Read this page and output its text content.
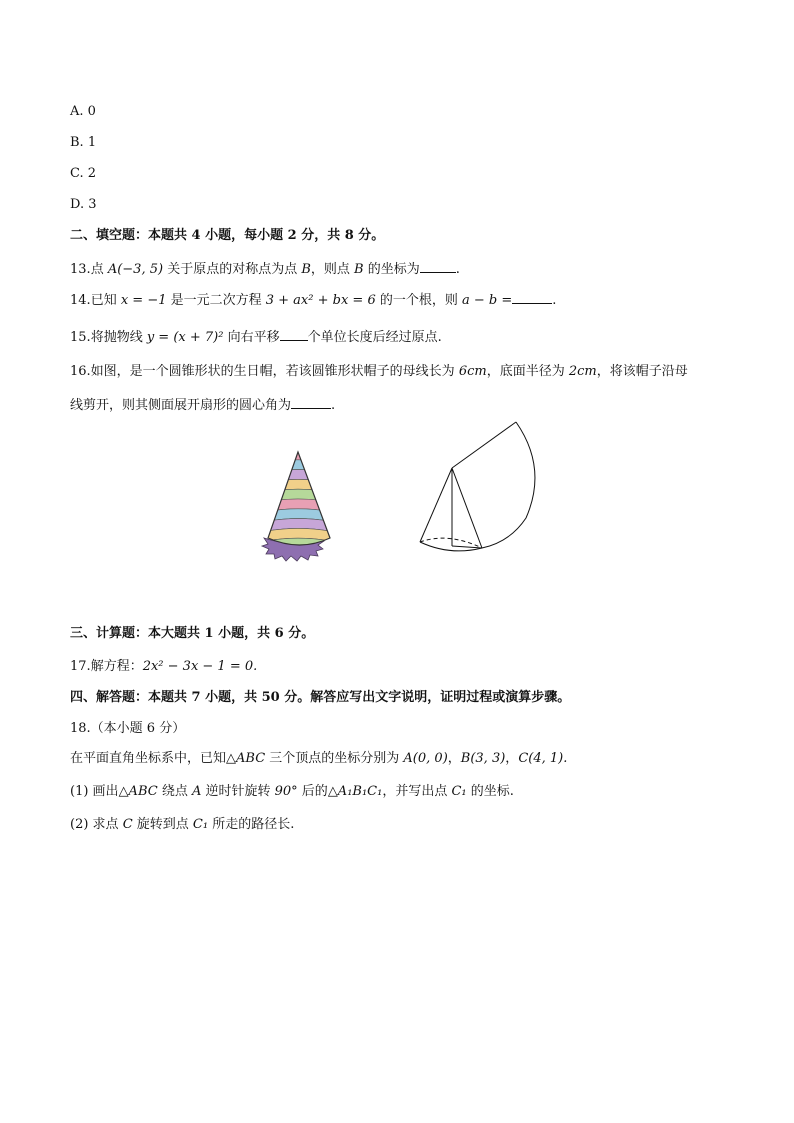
A. 0
B. 1
C. 2
D. 3
二、填空题：本题共 4 小题，每小题 2 分，共 8 分。
13.点 A(−3, 5) 关于原点的对称点为点 B，则点 B 的坐标为	.
14.已知 x = −1 是一元二次方程 3 + ax² + bx = 6 的一个根，则 a − b =	.
15.将抛物线 y = (x + 7)² 向右平移 个单位长度后经过原点.
16.如图，是一个圆锥形状的生日帽，若该圆锥形状帽子的母线长为 6cm，底面半径为 2cm，将该帽子沿母
线剪开，则其侧面展开扇形的圆心角为	.
三、计算题：本大题共 1 小题，共 6 分。
17.解方程：2x² − 3x − 1 = 0.
四、解答题：本题共 7 小题，共 50 分。解答应写出文字说明，证明过程或演算步骤。
18.（本小题 6 分）
在平面直角坐标系中，已知△ABC 三个顶点的坐标分别为 A(0, 0)，B(3, 3)，C(4, 1).
(1) 画出△ABC 绕点 A 逆时针旋转 90° 后的△A₁B₁C₁，并写出点 C₁ 的坐标.
(2) 求点 C 旋转到点 C₁ 所走的路径长.
